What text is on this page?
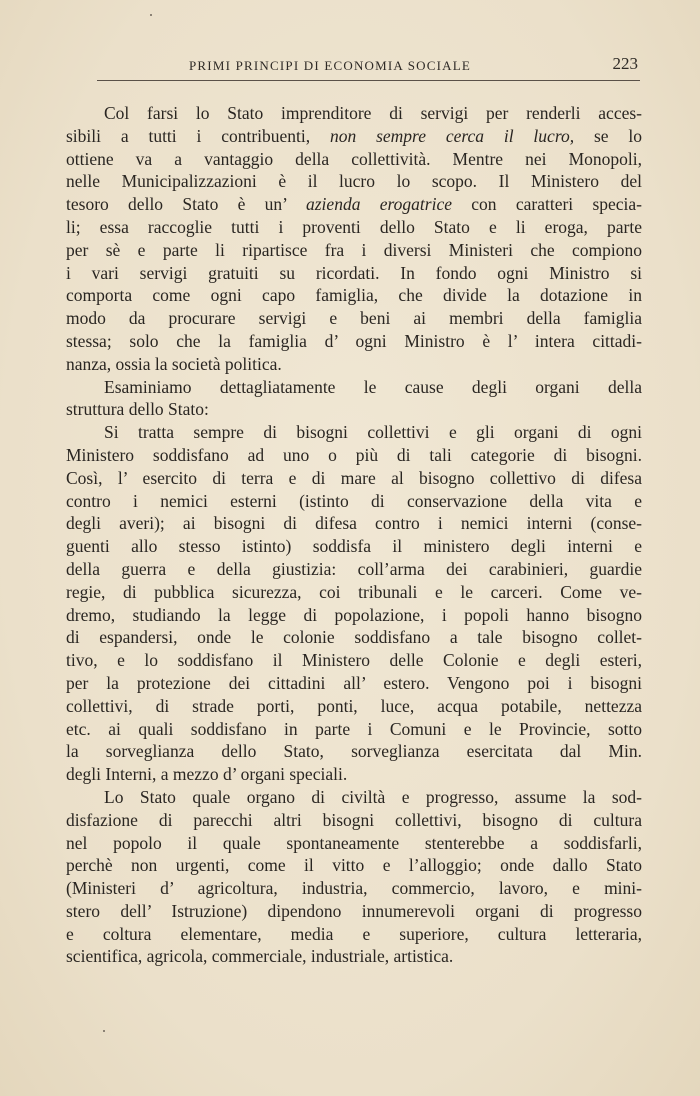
PRIMI PRINCIPI DI ECONOMIA SOCIALE	223
Col farsi lo Stato imprenditore di servigi per renderli acces-
sibili a tutti i contribuenti, non sempre cerca il lucro, se lo
ottiene va a vantaggio della collettività. Mentre nei Monopoli,
nelle Municipalizzazioni è il lucro lo scopo. Il Ministero del
tesoro dello Stato è un’ azienda erogatrice con caratteri specia-
li; essa raccoglie tutti i proventi dello Stato e li eroga, parte
per sè e parte li ripartisce fra i diversi Ministeri che compiono
i vari servigi gratuiti su ricordati. In fondo ogni Ministro si
comporta come ogni capo famiglia, che divide la dotazione in
modo da procurare servigi e beni ai membri della famiglia
stessa; solo che la famiglia d’ ogni Ministro è l’ intera cittadi-
nanza, ossia la società politica.
Esaminiamo dettagliatamente le cause degli organi della
struttura dello Stato:
Si tratta sempre di bisogni collettivi e gli organi di ogni
Ministero soddisfano ad uno o più di tali categorie di bisogni.
Così, l’ esercito di terra e di mare al bisogno collettivo di difesa
contro i nemici esterni (istinto di conservazione della vita e
degli averi); ai bisogni di difesa contro i nemici interni (conse-
guenti allo stesso istinto) soddisfa il ministero degli interni e
della guerra e della giustizia: coll’arma dei carabinieri, guardie
regie, di pubblica sicurezza, coi tribunali e le carceri. Come ve-
dremo, studiando la legge di popolazione, i popoli hanno bisogno
di espandersi, onde le colonie soddisfano a tale bisogno collet-
tivo, e lo soddisfano il Ministero delle Colonie e degli esteri,
per la protezione dei cittadini all’ estero. Vengono poi i bisogni
collettivi, di strade porti, ponti, luce, acqua potabile, nettezza
etc. ai quali soddisfano in parte i Comuni e le Provincie, sotto
la sorveglianza dello Stato, sorveglianza esercitata dal Min.
degli Interni, a mezzo d’ organi speciali.
Lo Stato quale organo di civiltà e progresso, assume la sod-
disfazione di parecchi altri bisogni collettivi, bisogno di cultura
nel popolo il quale spontaneamente stenterebbe a soddisfarli,
perchè non urgenti, come il vitto e l’alloggio; onde dallo Stato
(Ministeri d’ agricoltura, industria, commercio, lavoro, e mini-
stero dell’ Istruzione) dipendono innumerevoli organi di progresso
e coltura elementare, media e superiore, cultura letteraria,
scientifica, agricola, commerciale, industriale, artistica.
